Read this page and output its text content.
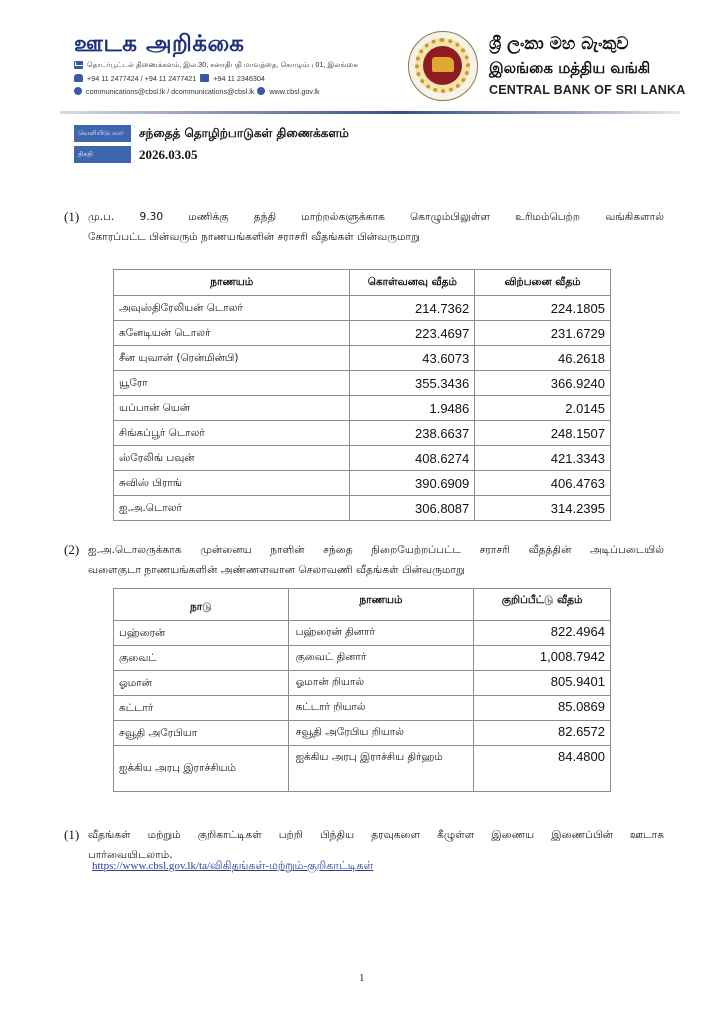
ஊடக அறிக்கை
தொடர்பூட்டல் திணைக்களம், இல.30, சனாதிபதி மாவத்தை, கொழும்பு 01, இலங்கை
+94 11 2477424 / +94 11 2477421 +94 11 2346304
communications@cbsl.lk / dcommunications@cbsl.lk www.cbsl.gov.lk
ශ්‍රී ලංකා මහ බැංකුව
இலங்கை மத்திய வங்கி
CENTRAL BANK OF SRI LANKA
வெளியிடுபவர்	சந்தைத் தொழிற்பாடுகள் திணைக்களம்
திகதி	2026.03.05
(1) மு.ப. 9.30 மணிக்கு தந்தி மாற்றல்களுக்காக கொழும்பிலுள்ள உரிமம்பெற்ற வங்கிகளால்
கோரப்பட்ட பின்வரும் நாணயங்களின் சராசரி வீதங்கள் பின்வருமாறு
நாணயம்	கொள்வனவு வீதம்	விற்பனை வீதம்
அவுஸ்திரேலியன் டொலர்	214.7362	224.1805
கனேடியன் டொலர்	223.4697	231.6729
சீன யுவான் (ரென்மின்பி)	43.6073	46.2618
யூரோ	355.3436	366.9240
யப்பான் யென்	1.9486	2.0145
சிங்கப்பூர் டொலர்	238.6637	248.1507
ஸ்ரேலிங் பவுன்	408.6274	421.3343
சுவிஸ் பிராங்	390.6909	406.4763
ஐ.அ.டொலர்	306.8087	314.2395
(2) ஐ.அ.டொலருக்காக முன்னைய நாளின் சந்தை நிறையேற்றப்பட்ட சராசரி வீதத்தின் அடிப்படையில்
வளைகுடா நாணயங்களின் அண்ணளவான செலாவணி வீதங்கள் பின்வருமாறு
நாடு	நாணயம்	குறிப்பீட்டு வீதம்
பஹ்ரைன்	பஹ்ரைன் தினார்	822.4964
குவைட்	குவைட் தினார்	1,008.7942
ஓமான்	ஓமான் றியால்	805.9401
கட்டார்	கட்டார் றியால்	85.0869
சவூதி அரேபியா	சவூதி அரேபிய றியால்	82.6572
ஐக்கிய அரபு இராச்சியம்	ஐக்கிய அரபு இராச்சிய திர்ஹம்	84.4800
(1) வீதங்கள் மற்றும் குறிகாட்டிகள் பற்றி பிந்திய தரவுகளை கீழுள்ள இணைய இணைப்பின் ஊடாக
பார்வையிடலாம்.
https://www.cbsl.gov.lk/ta/விகிதங்கள்-மற்றும்-குறிகாட்டிகள்
1
